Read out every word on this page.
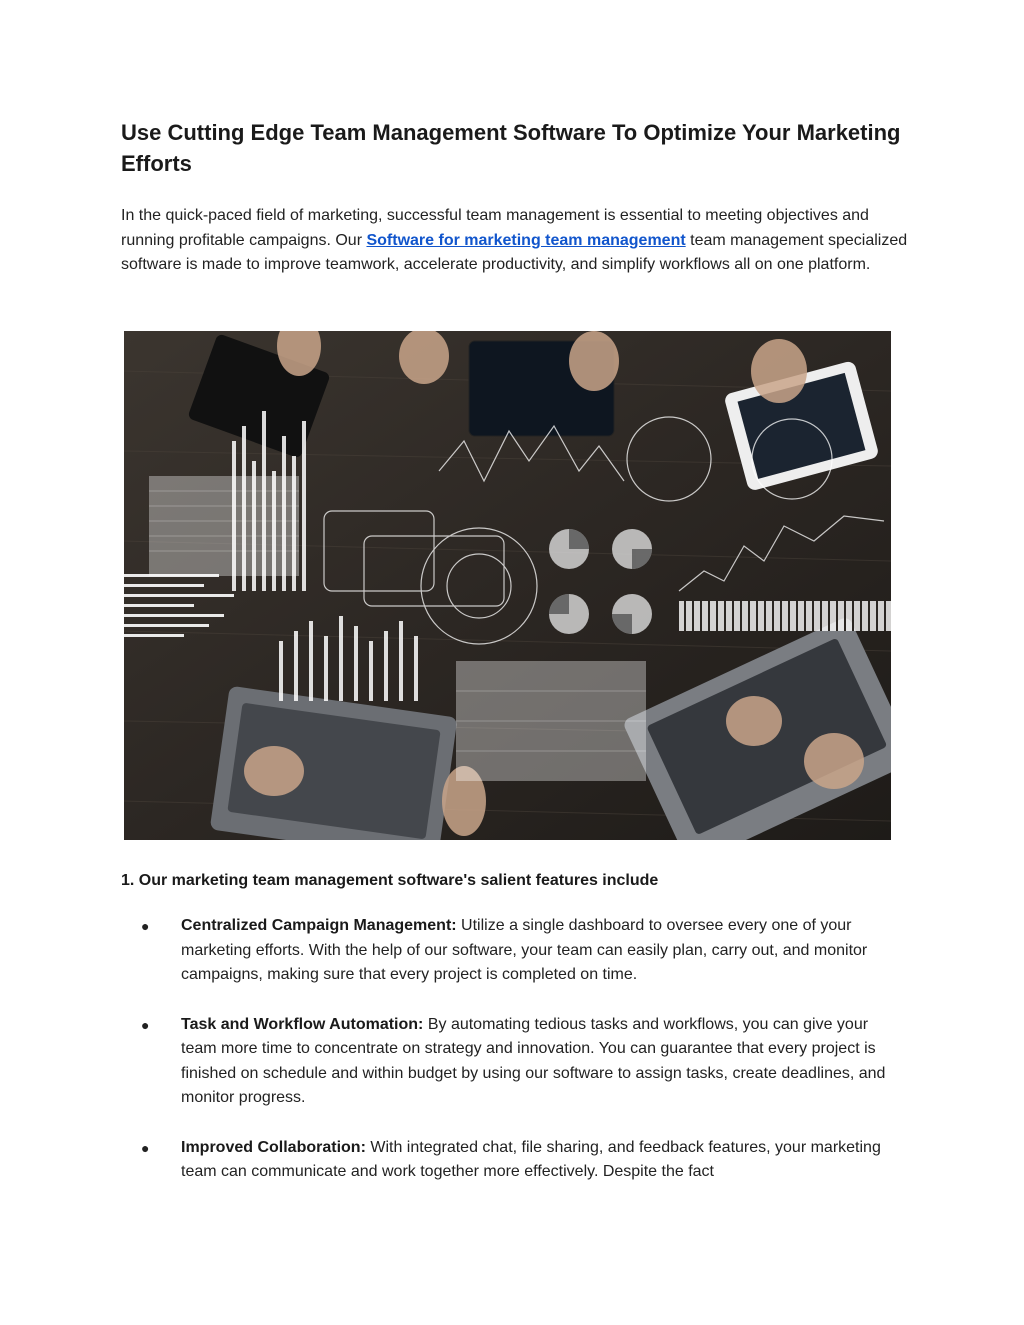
Use Cutting Edge Team Management Software To Optimize Your Marketing Efforts

In the quick-paced field of marketing, successful team management is essential to meeting objectives and running profitable campaigns. Our Software for marketing team management team management specialized software is made to improve teamwork, accelerate productivity, and simplify workflows all on one platform.

1. Our marketing team management software's salient features include
● Centralized Campaign Management: Utilize a single dashboard to oversee every one of your marketing efforts. With the help of our software, your team can easily plan, carry out, and monitor campaigns, making sure that every project is completed on time.
● Task and Workflow Automation: By automating tedious tasks and workflows, you can give your team more time to concentrate on strategy and innovation. You can guarantee that every project is finished on schedule and within budget by using our software to assign tasks, create deadlines, and monitor progress.
● Improved Collaboration: With integrated chat, file sharing, and feedback features, your marketing team can communicate and work together more effectively. Despite the fact
